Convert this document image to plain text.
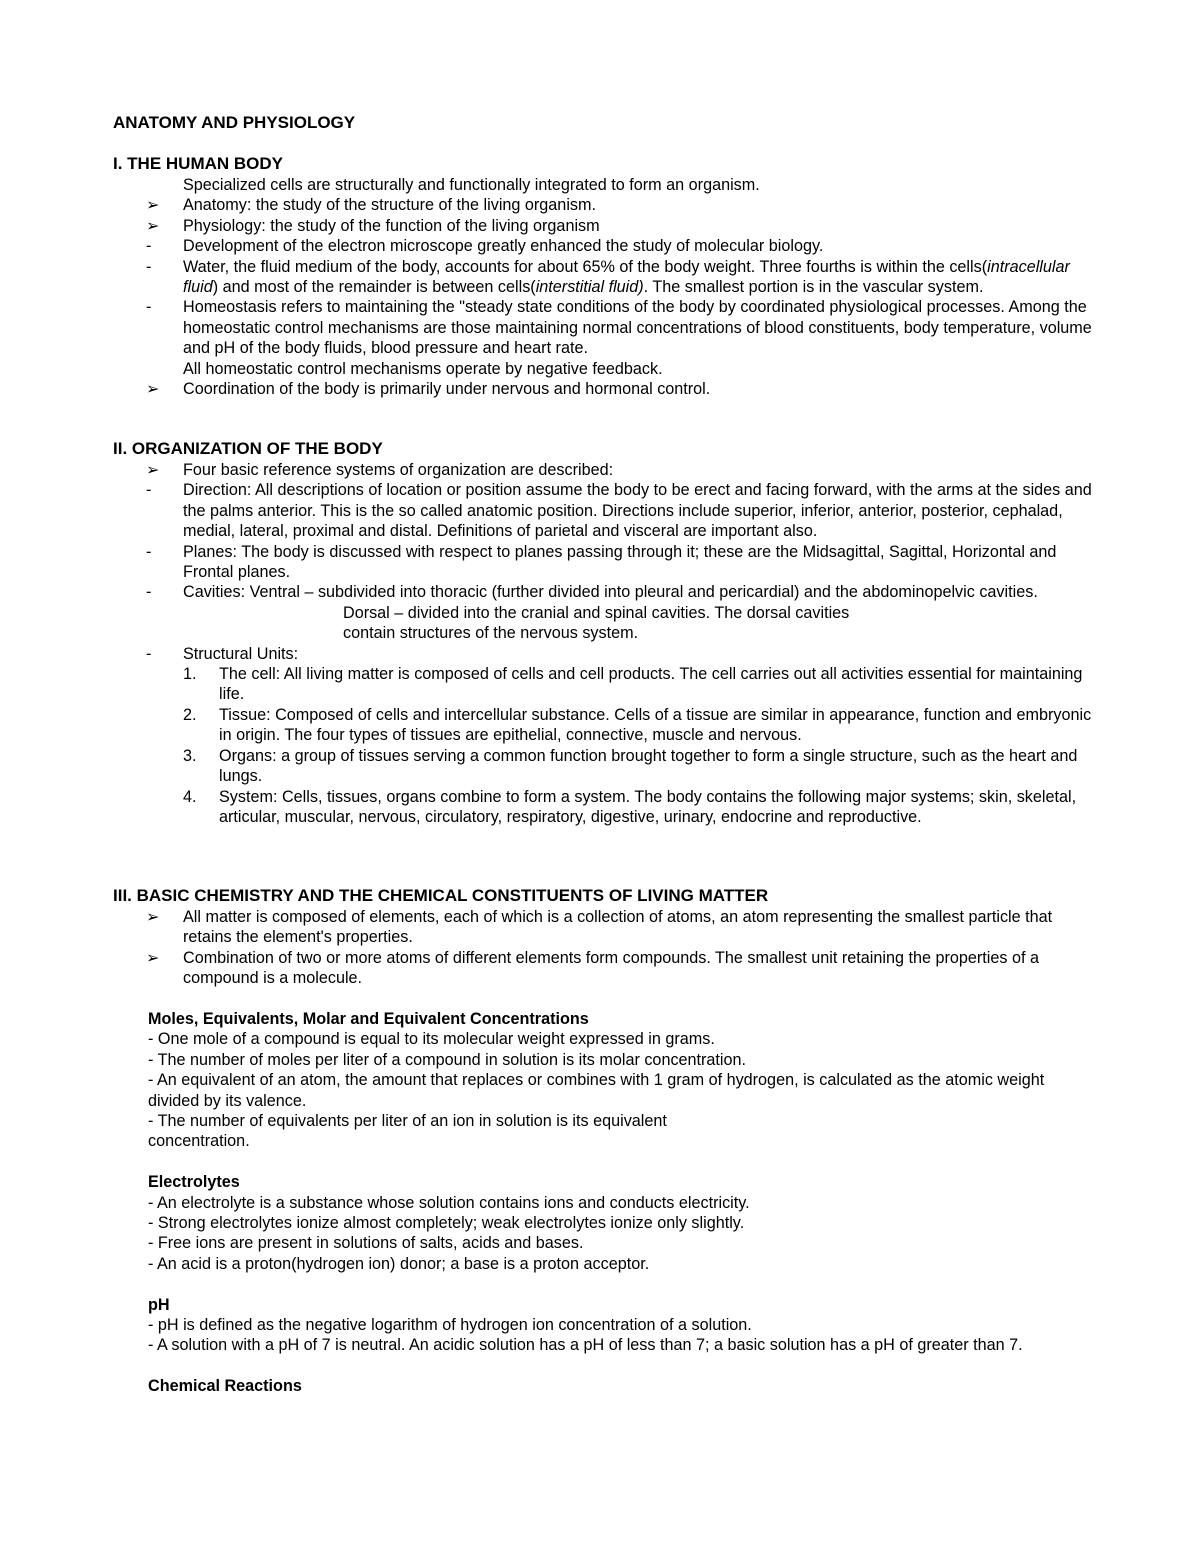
ANATOMY AND PHYSIOLOGY
I. THE HUMAN BODY
Specialized cells are structurally and functionally integrated to form an organism.
➢ Anatomy: the study of the structure of the living organism.
➢ Physiology: the study of the function of the living organism
- Development of the electron microscope greatly enhanced the study of molecular biology.
- Water, the fluid medium of the body, accounts for about 65% of the body weight. Three fourths is within the cells(intracellular fluid) and most of the remainder is between cells(interstitial fluid). The smallest portion is in the vascular system.
- Homeostasis refers to maintaining the "steady state conditions of the body by coordinated physiological processes. Among the homeostatic control mechanisms are those maintaining normal concentrations of blood constituents, body temperature, volume and pH of the body fluids, blood pressure and heart rate.
All homeostatic control mechanisms operate by negative feedback.
➢ Coordination of the body is primarily under nervous and hormonal control.
II. ORGANIZATION OF THE BODY
➢ Four basic reference systems of organization are described:
- Direction: All descriptions of location or position assume the body to be erect and facing forward, with the arms at the sides and the palms anterior. This is the so called anatomic position. Directions include superior, inferior, anterior, posterior, cephalad, medial, lateral, proximal and distal. Definitions of parietal and visceral are important also.
- Planes: The body is discussed with respect to planes passing through it; these are the Midsagittal, Sagittal, Horizontal and Frontal planes.
- Cavities: Ventral – subdivided into thoracic (further divided into pleural and pericardial) and the abdominopelvic cavities.
Dorsal – divided into the cranial and spinal cavities. The dorsal cavities
contain structures of the nervous system.
- Structural Units:
1.	The cell: All living matter is composed of cells and cell products. The cell carries out all activities essential for maintaining life.
2.	Tissue: Composed of cells and intercellular substance. Cells of a tissue are similar in appearance, function and embryonic in origin. The four types of tissues are epithelial, connective, muscle and nervous.
3.	Organs: a group of tissues serving a common function brought together to form a single structure, such as the heart and lungs.
4.	System: Cells, tissues, organs combine to form a system. The body contains the following major systems; skin, skeletal, articular, muscular, nervous, circulatory, respiratory, digestive, urinary, endocrine and reproductive.
III. BASIC CHEMISTRY AND THE CHEMICAL CONSTITUENTS OF LIVING MATTER
➢ All matter is composed of elements, each of which is a collection of atoms, an atom representing the smallest particle that retains the element's properties.
➢ Combination of two or more atoms of different elements form compounds. The smallest unit retaining the properties of a compound is a molecule.
Moles, Equivalents, Molar and Equivalent Concentrations
- One mole of a compound is equal to its molecular weight expressed in grams.
- The number of moles per liter of a compound in solution is its molar concentration.
- An equivalent of an atom, the amount that replaces or combines with 1 gram of hydrogen, is calculated as the atomic weight divided by its valence.
- The number of equivalents per liter of an ion in solution is its equivalent
concentration.
Electrolytes
- An electrolyte is a substance whose solution contains ions and conducts electricity.
- Strong electrolytes ionize almost completely; weak electrolytes ionize only slightly.
- Free ions are present in solutions of salts, acids and bases.
- An acid is a proton(hydrogen ion) donor; a base is a proton acceptor.
pH
- pH is defined as the negative logarithm of hydrogen ion concentration of a solution.
- A solution with a pH of 7 is neutral. An acidic solution has a pH of less than 7; a basic solution has a pH of greater than 7.
Chemical Reactions
